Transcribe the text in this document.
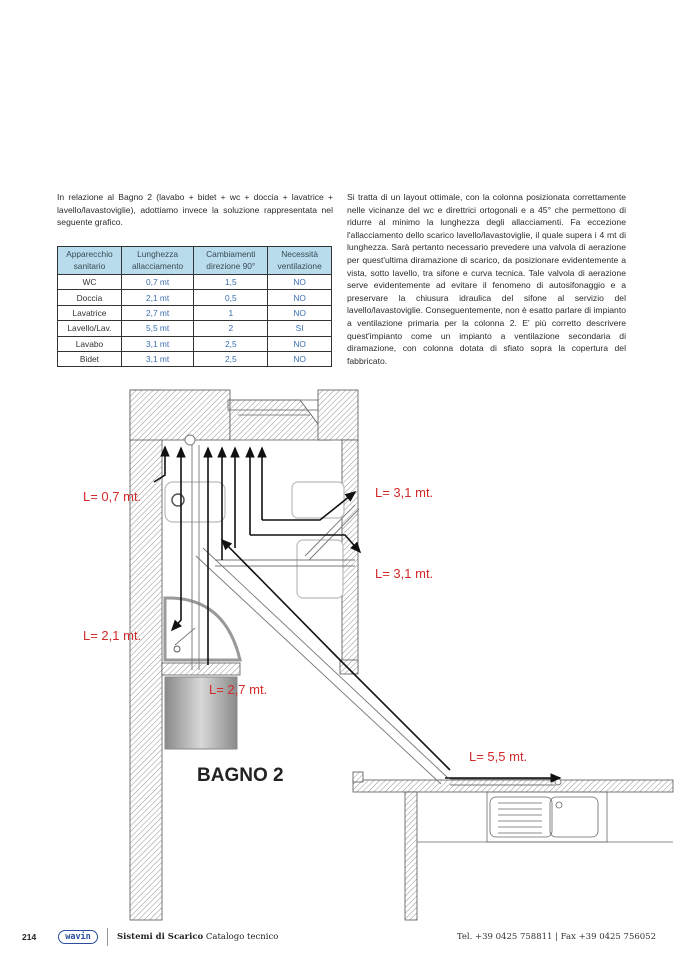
In relazione al Bagno 2 (lavabo + bidet + wc + doccia + lavatrice + lavello/lavastoviglie), adottiamo invece la soluzione rappresentata nel seguente grafico.
Apparecchio sanitario	Lunghezza allacciamento	Cambiamenti direzione 90°	Necessità ventilazione
WC	0,7 mt	1,5	NO
Doccia	2,1 mt	0,5	NO
Lavatrice	2,7 mt	1	NO
Lavello/Lav.	5,5 mt	2	SI
Lavabo	3,1 mt	2,5	NO
Bidet	3,1 mt	2,5	NO
Si tratta di un layout ottimale, con la colonna posizionata correttamente nelle vicinanze del wc e direttrici ortogonali e a 45° che permettono di ridurre al minimo la lunghezza degli allacciamenti. Fa eccezione l'allacciamento dello scarico lavello/lavastoviglie, il quale supera i 4 mt di lunghezza. Sarà pertanto necessario prevedere una valvola di aerazione per quest'ultima diramazione di scarico, da posizionare evidentemente a vista, sotto lavello, tra sifone e curva tecnica. Tale valvola di aerazione serve evidentemente ad evitare il fenomeno di autosifonaggio e a preservare la chiusura idraulica del sifone al servizio del lavello/lavastoviglie. Conseguentemente, non è esatto parlare di impianto a ventilazione primaria per la colonna 2. E' più corretto descrivere quest'impianto come un impianto a ventilazione secondaria di diramazione, con colonna dotata di sfiato sopra la copertura del fabbricato.
L= 0,7 mt.
L= 2,1 mt.
L= 2,7 mt.
L= 3,1 mt.
L= 3,1 mt.
L= 5,5 mt.
BAGNO 2
214	wavin	Sistemi di Scarico Catalogo tecnico	Tel. +39 0425 758811 | Fax +39 0425 756052
